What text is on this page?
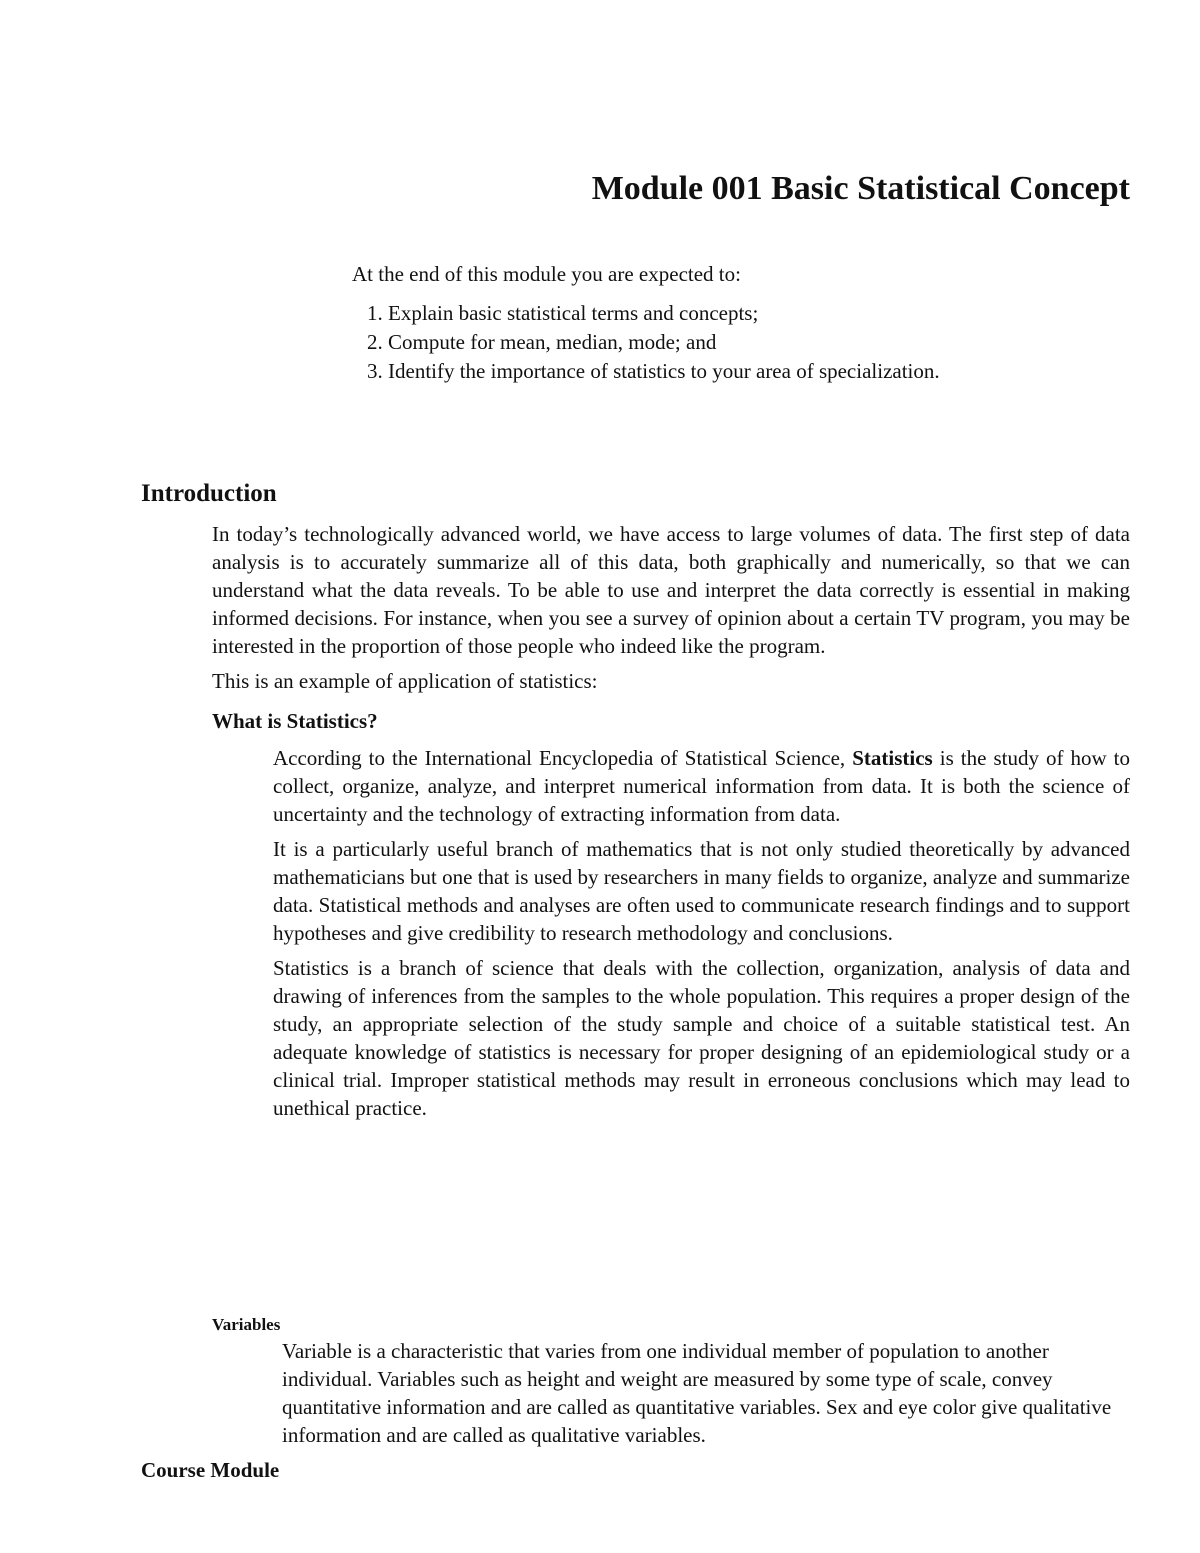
Module 001 Basic Statistical Concept

At the end of this module you are expected to:

1. Explain basic statistical terms and concepts;
2. Compute for mean, median, mode; and
3. Identify the importance of statistics to your area of specialization.
Introduction

In today’s technologically advanced world, we have access to large volumes of data. The first step of data analysis is to accurately summarize all of this data, both graphically and numerically, so that we can understand what the data reveals. To be able to use and interpret the data correctly is essential in making informed decisions. For instance, when you see a survey of opinion about a certain TV program, you may be interested in the proportion of those people who indeed like the program.

This is an example of application of statistics:

What is Statistics?

According to the International Encyclopedia of Statistical Science, Statistics is the study of how to collect, organize, analyze, and interpret numerical information from data. It is both the science of uncertainty and the technology of extracting information from data.

It is a particularly useful branch of mathematics that is not only studied theoretically by advanced mathematicians but one that is used by researchers in many fields to organize, analyze and summarize data. Statistical methods and analyses are often used to communicate research findings and to support hypotheses and give credibility to research methodology and conclusions.

Statistics is a branch of science that deals with the collection, organization, analysis of data and drawing of inferences from the samples to the whole population. This requires a proper design of the study, an appropriate selection of the study sample and choice of a suitable statistical test. An adequate knowledge of statistics is necessary for proper designing of an epidemiological study or a clinical trial. Improper statistical methods may result in erroneous conclusions which may lead to unethical practice.

Variables

Variable is a characteristic that varies from one individual member of population to another individual. Variables such as height and weight are measured by some type of scale, convey quantitative information and are called as quantitative variables. Sex and eye color give qualitative information and are called as qualitative variables.

Course Module
